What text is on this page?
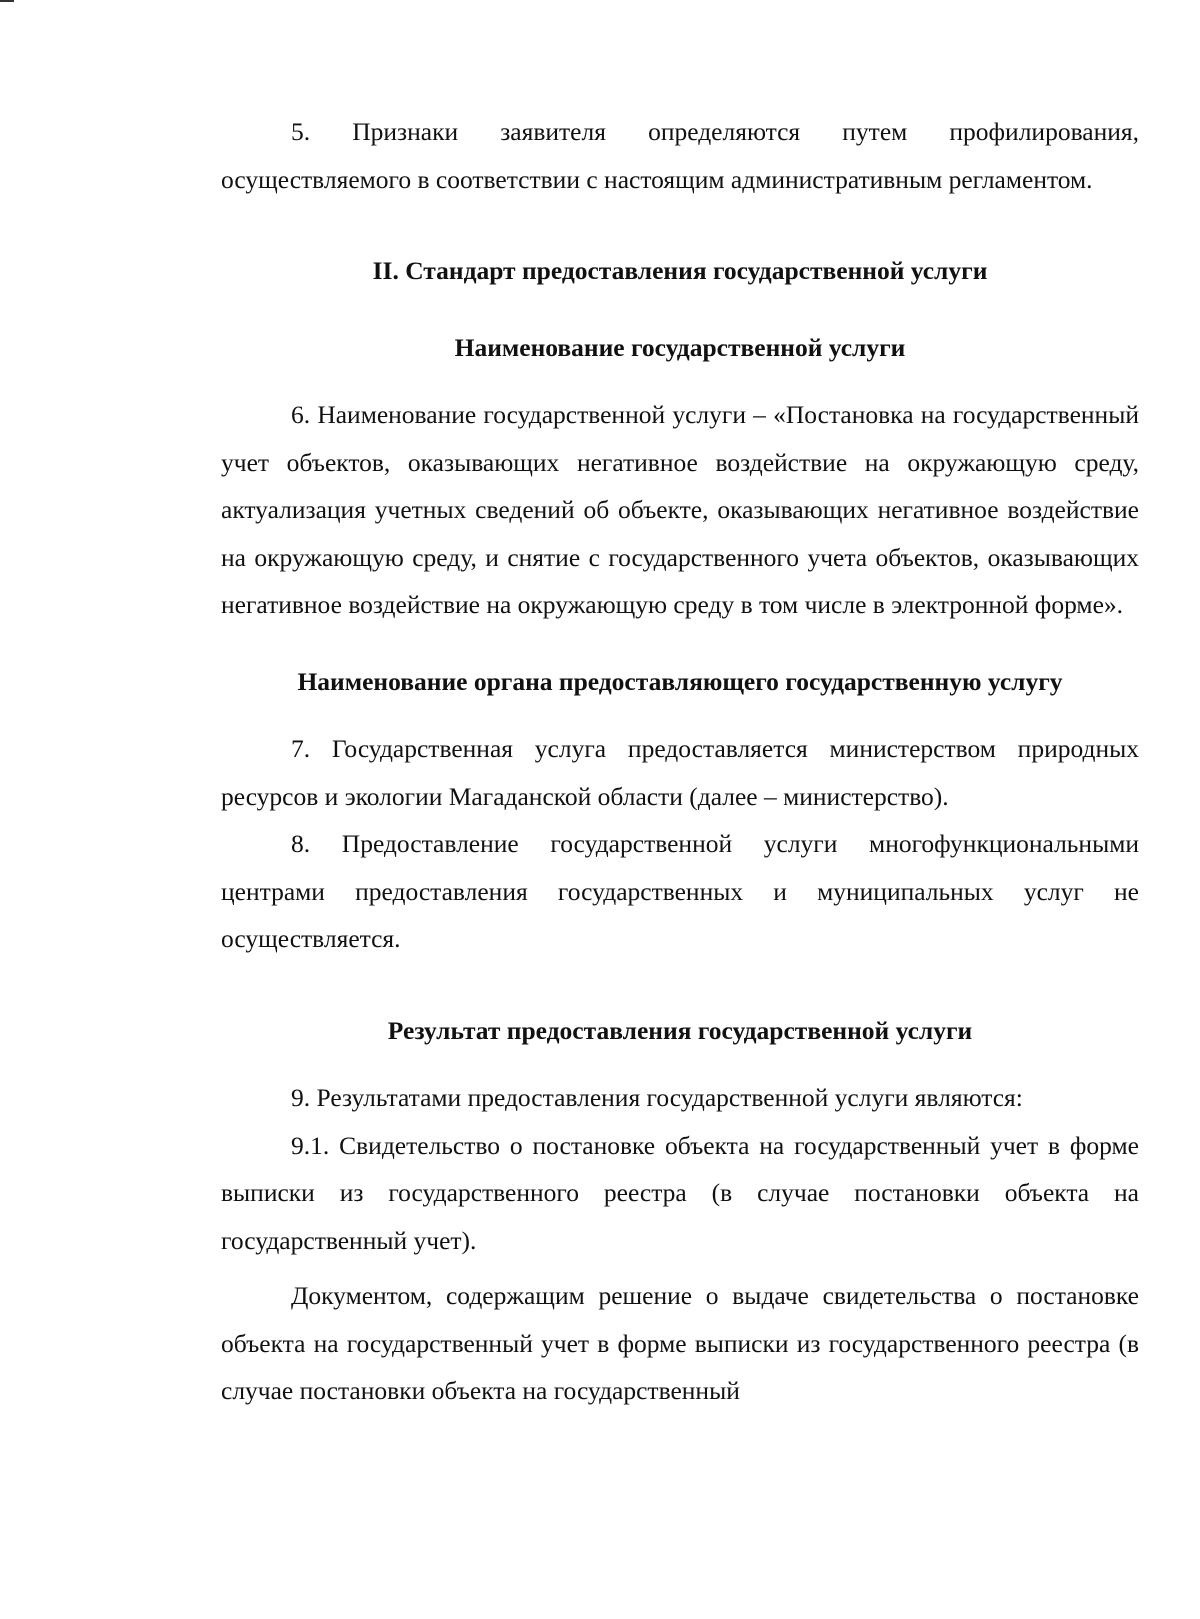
5. Признаки заявителя определяются путем профилирования, осуществляемого в соответствии с настоящим административным регламентом.

II. Стандарт предоставления государственной услуги
Наименование государственной услуги

6. Наименование государственной услуги – «Постановка на государственный учет объектов, оказывающих негативное воздействие на окружающую среду, актуализация учетных сведений об объекте, оказывающих негативное воздействие на окружающую среду, и снятие с государственного учета объектов, оказывающих негативное воздействие на окружающую среду в том числе в электронной форме».

Наименование органа предоставляющего государственную услугу

7. Государственная услуга предоставляется министерством природных ресурсов и экологии Магаданской области (далее – министерство).

8. Предоставление государственной услуги многофункциональными центрами предоставления государственных и муниципальных услуг не осуществляется.

Результат предоставления государственной услуги

9. Результатами предоставления государственной услуги являются:

9.1. Свидетельство о постановке объекта на государственный учет в форме выписки из государственного реестра (в случае постановки объекта на государственный учет).

Документом, содержащим решение о выдаче свидетельства о постановке объекта на государственный учет в форме выписки из государственного реестра (в случае постановки объекта на государственный
